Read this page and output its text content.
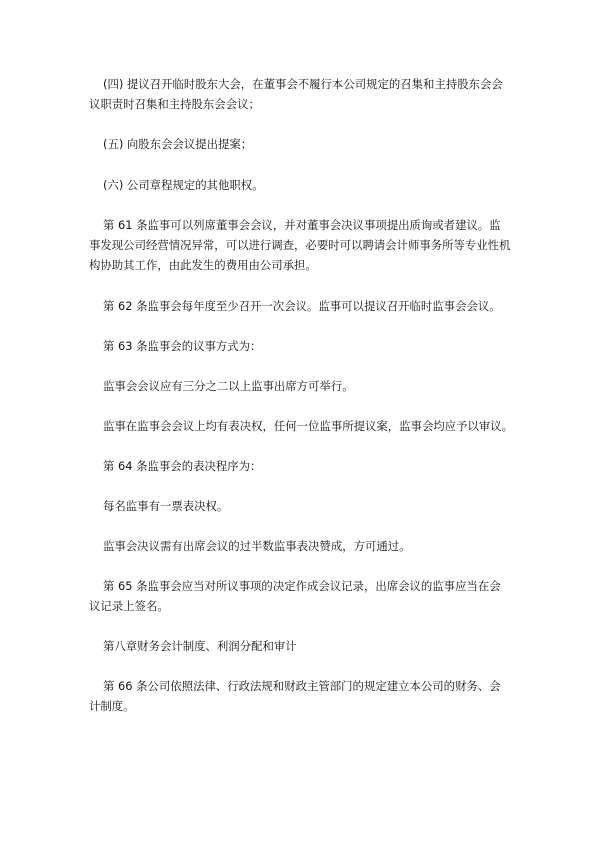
(四) 提议召开临时股东大会，在董事会不履行本公司规定的召集和主持股东会会
议职责时召集和主持股东会会议；

(五) 向股东会会议提出提案；

(六) 公司章程规定的其他职权。

第 61 条监事可以列席董事会会议，并对董事会决议事项提出质询或者建议。监
事发现公司经营情况异常，可以进行调查，必要时可以聘请会计师事务所等专业性机
构协助其工作，由此发生的费用由公司承担。

第 62 条监事会每年度至少召开一次会议。监事可以提议召开临时监事会会议。

第 63 条监事会的议事方式为：

监事会会议应有三分之二以上监事出席方可举行。

监事在监事会会议上均有表决权，任何一位监事所提议案，监事会均应予以审议。

第 64 条监事会的表决程序为：

每名监事有一票表决权。

监事会决议需有出席会议的过半数监事表决赞成，方可通过。

第 65 条监事会应当对所议事项的决定作成会议记录，出席会议的监事应当在会
议记录上签名。

第八章财务会计制度、利润分配和审计

第 66 条公司依照法律、行政法规和财政主管部门的规定建立本公司的财务、会
计制度。
